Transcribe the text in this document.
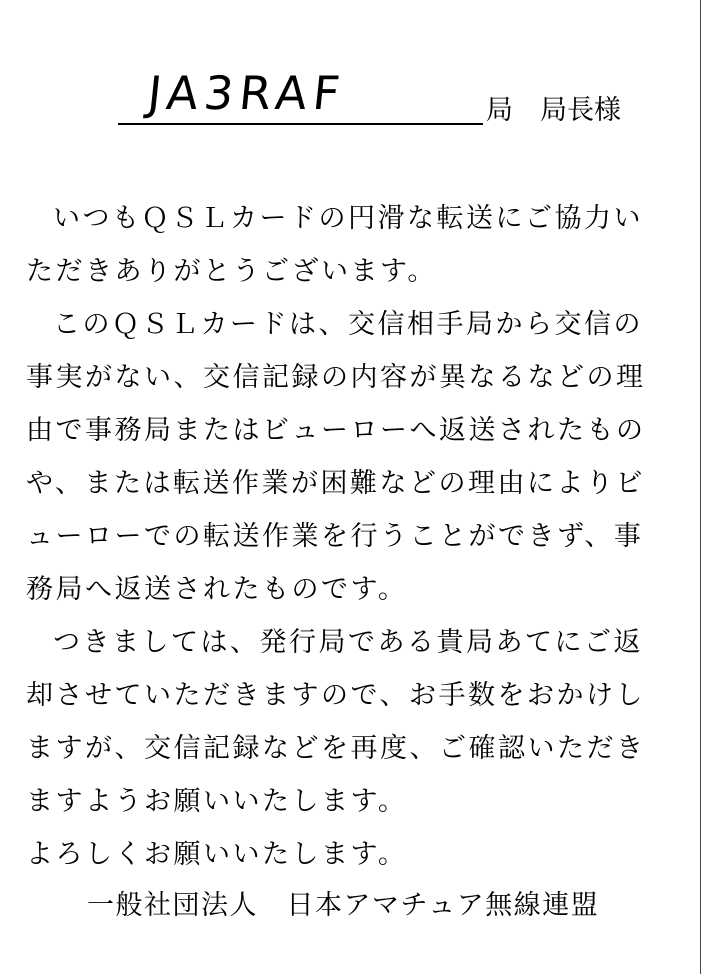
JA3RAF	局　局長様

いつもＱＳＬカードの円滑な転送にご協力いただきありがとうございます。

このＱＳＬカードは、交信相手局から交信の事実がない、交信記録の内容が異なるなどの理由で事務局またはビューローへ返送されたものや、または転送作業が困難などの理由によりビューローでの転送作業を行うことができず、事務局へ返送されたものです。

つきましては、発行局である貴局あてにご返却させていただきますので、お手数をおかけしますが、交信記録などを再度、ご確認いただきますようお願いいたします。

よろしくお願いいたします。

一般社団法人　日本アマチュア無線連盟
